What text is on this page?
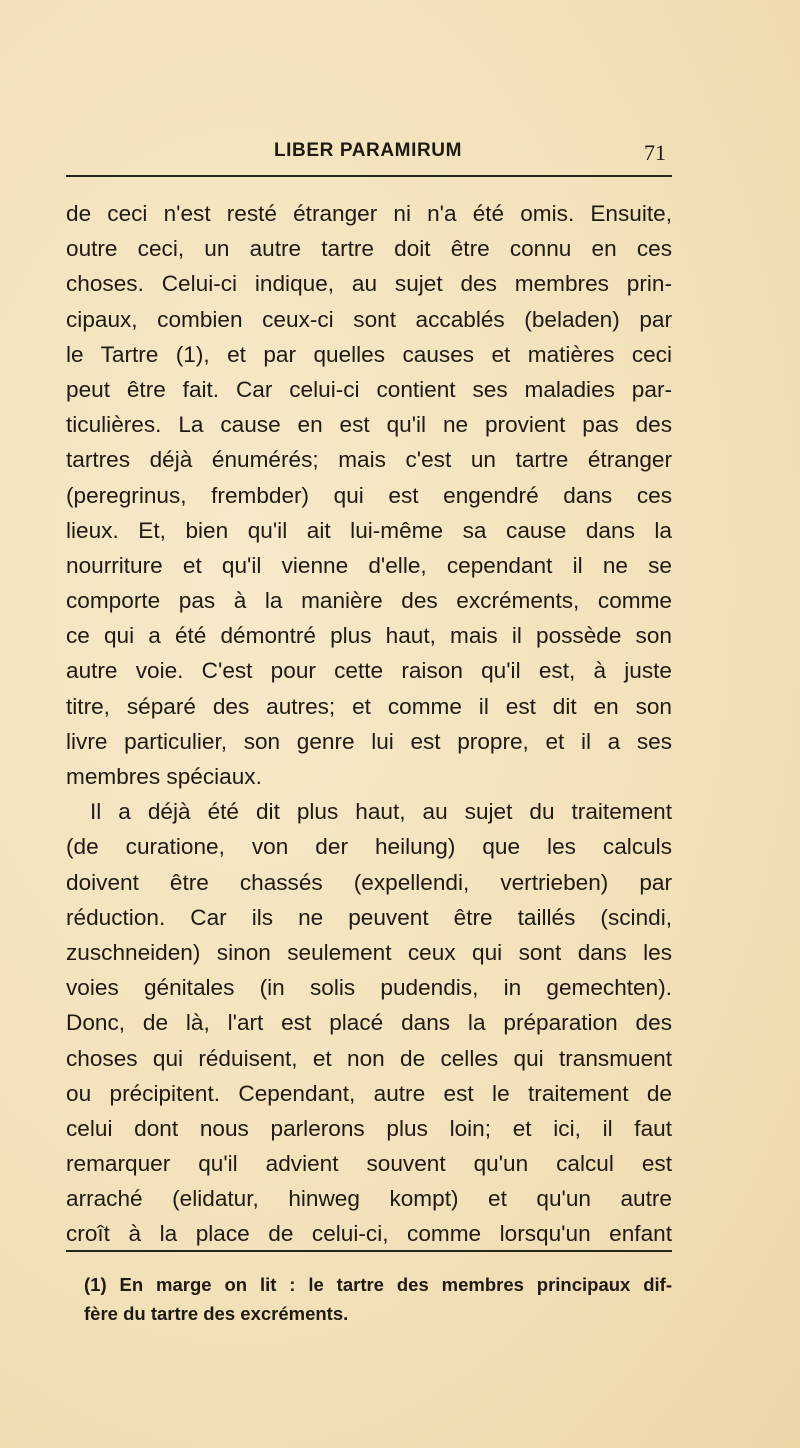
LIBER PARAMIRUM	71
de ceci n'est resté étranger ni n'a été omis. Ensuite,
outre ceci, un autre tartre doit être connu en ces
choses. Celui-ci indique, au sujet des membres prin-
cipaux, combien ceux-ci sont accablés (beladen) par
le Tartre (1), et par quelles causes et matières ceci
peut être fait. Car celui-ci contient ses maladies par-
ticulières. La cause en est qu'il ne provient pas des
tartres déjà énumérés; mais c'est un tartre étranger
(peregrinus, frembder) qui est engendré dans ces
lieux. Et, bien qu'il ait lui-même sa cause dans la
nourriture et qu'il vienne d'elle, cependant il ne se
comporte pas à la manière des excréments, comme
ce qui a été démontré plus haut, mais il possède son
autre voie. C'est pour cette raison qu'il est, à juste
titre, séparé des autres; et comme il est dit en son
livre particulier, son genre lui est propre, et il a ses
membres spéciaux.
Il a déjà été dit plus haut, au sujet du traitement
(de curatione, von der heilung) que les calculs
doivent être chassés (expellendi, vertrieben) par
réduction. Car ils ne peuvent être taillés (scindi,
zuschneiden) sinon seulement ceux qui sont dans les
voies génitales (in solis pudendis, in gemechten).
Donc, de là, l'art est placé dans la préparation des
choses qui réduisent, et non de celles qui transmuent
ou précipitent. Cependant, autre est le traitement de
celui dont nous parlerons plus loin; et ici, il faut
remarquer qu'il advient souvent qu'un calcul est
arraché (elidatur, hinweg kompt) et qu'un autre
croît à la place de celui-ci, comme lorsqu'un enfant
(1) En marge on lit : le tartre des membres principaux dif-
fère du tartre des excréments.
